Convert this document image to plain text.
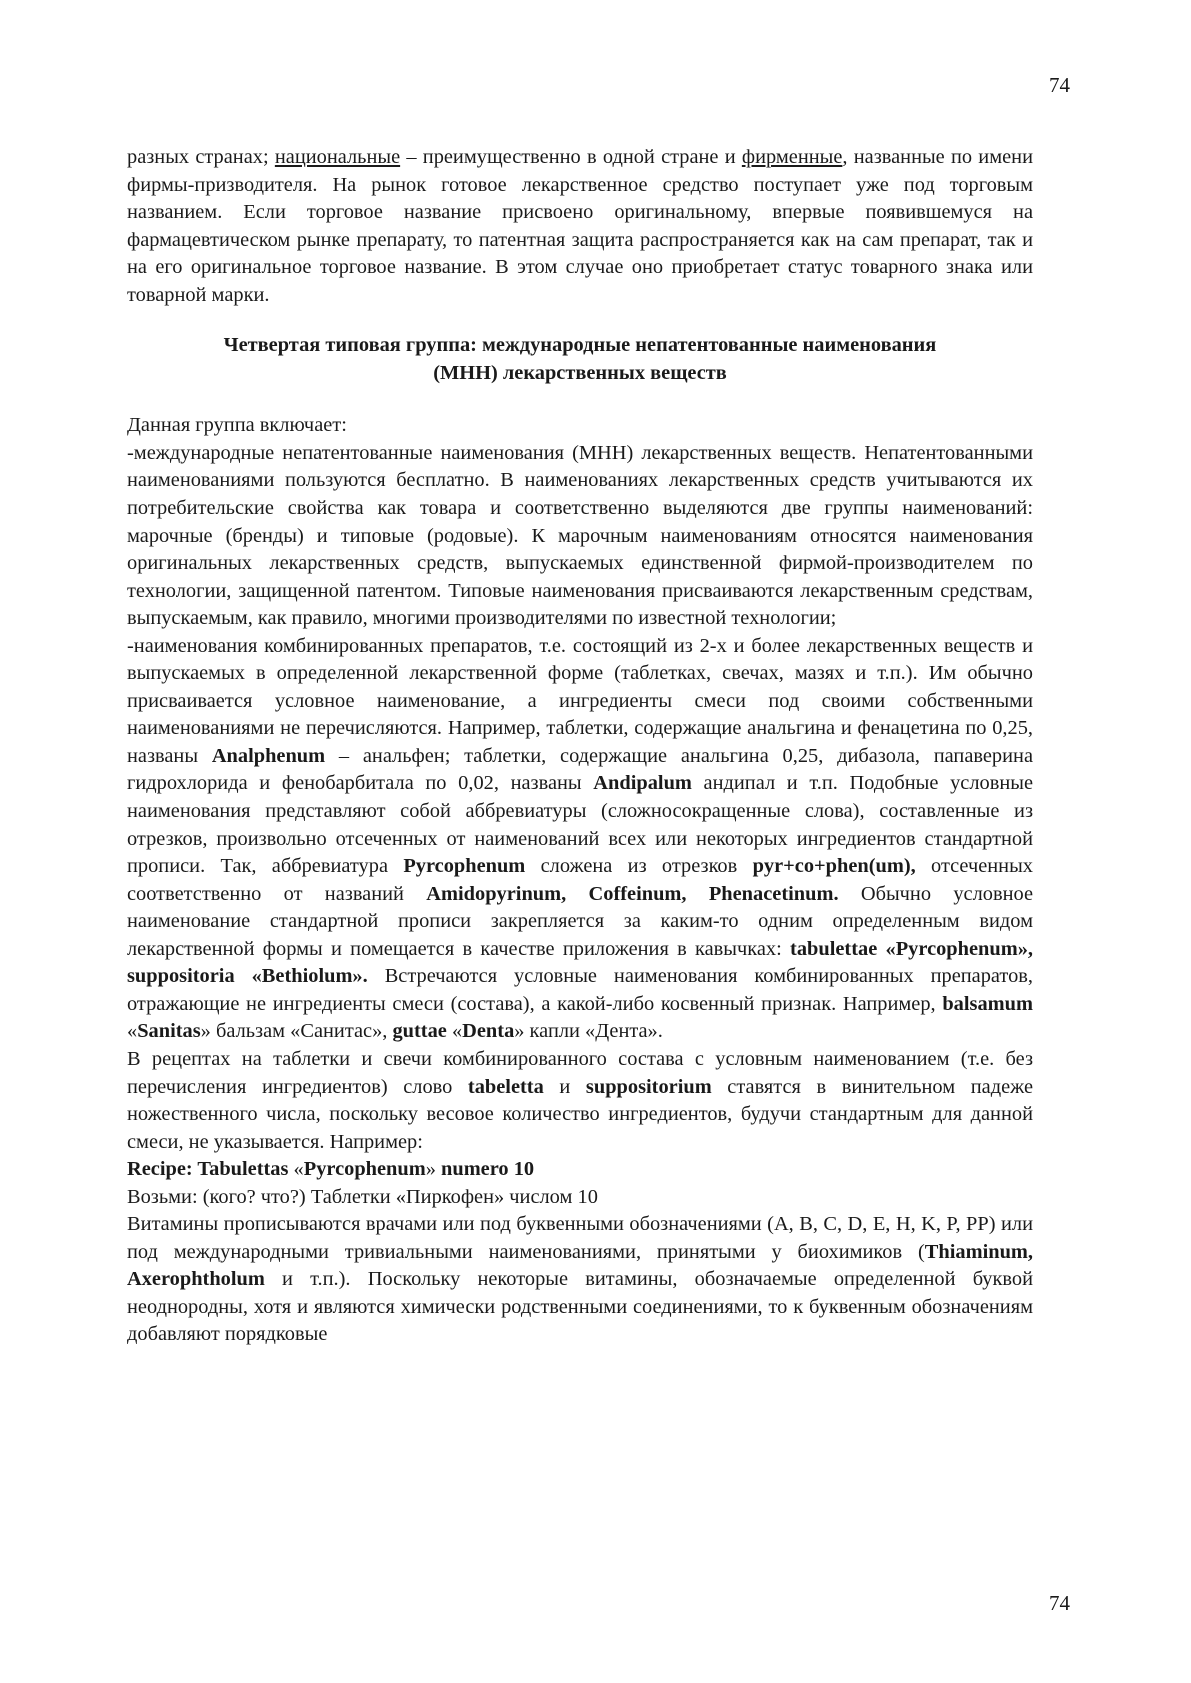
74

разных странах; национальные – преимущественно в одной стране и фирменные, названные по имени фирмы-призводителя. На рынок готовое лекарственное средство поступает уже под торговым названием. Если торговое название присвоено оригинальному, впервые появившемуся на фармацевтическом рынке препарату, то патентная защита распространяется как на сам препарат, так и на его оригинальное торговое название. В этом случае оно приобретает статус товарного знака или товарной марки.

Четвертая типовая группа: международные непатентованные наименования
(МНН) лекарственных веществ

Данная группа включает:

-международные непатентованные наименования (МНН) лекарственных веществ. Непатентованными наименованиями пользуются бесплатно. В наименованиях лекарственных средств учитываются их потребительские свойства как товара и соответственно выделяются две группы наименований: марочные (бренды) и типовые (родовые). К марочным наименованиям относятся наименования оригинальных лекарственных средств, выпускаемых единственной фирмой-производителем по технологии, защищенной патентом. Типовые наименования присваиваются лекарственным средствам, выпускаемым, как правило, многими производителями по известной технологии;

-наименования комбинированных препаратов, т.е. состоящий из 2-х и более лекарственных веществ и выпускаемых в определенной лекарственной форме (таблетках, свечах, мазях и т.п.). Им обычно присваивается условное наименование, а ингредиенты смеси под своими собственными наименованиями не перечисляются. Например, таблетки, содержащие анальгина и фенацетина по 0,25, названы Analphenum – анальфен; таблетки, содержащие анальгина 0,25, дибазола, папаверина гидрохлорида и фенобарбитала по 0,02, названы Andipalum андипал и т.п. Подобные условные наименования представляют собой аббревиатуры (сложносокращенные слова), составленные из отрезков, произвольно отсеченных от наименований всех или некоторых ингредиентов стандартной прописи. Так, аббревиатура Pyrcophenum сложена из отрезков pyr+co+phen(um), отсеченных соответственно от названий Amidopyrinum, Coffeinum, Phenacetinum. Обычно условное наименование стандартной прописи закрепляется за каким-то одним определенным видом лекарственной формы и помещается в качестве приложения в кавычках: tabulettae «Pyrcophenum», suppositoria «Bethiolum». Встречаются условные наименования комбинированных препаратов, отражающие не ингредиенты смеси (состава), а какой-либо косвенный признак. Например, balsamum «Sanitas» бальзам «Санитас», guttae «Denta» капли «Дента».

В рецептах на таблетки и свечи комбинированного состава с условным наименованием (т.е. без перечисления ингредиентов) слово tabeletta и suppositorium ставятся в винительном падеже ножественного числа, поскольку весовое количество ингредиентов, будучи стандартным для данной смеси, не указывается. Например:

Recipe: Tabulettas «Pyrcophenum» numero 10

Возьми: (кого? что?) Таблетки «Пиркофен» числом 10

Витамины прописываются врачами или под буквенными обозначениями (A, B, C, D, E, H, K, P, PP) или под международными тривиальными наименованиями, принятыми у биохимиков (Thiaminum, Axerophtholum и т.п.). Поскольку некоторые витамины, обозначаемые определенной буквой неоднородны, хотя и являются химически родственными соединениями, то к буквенным обозначениям добавляют порядковые

74
